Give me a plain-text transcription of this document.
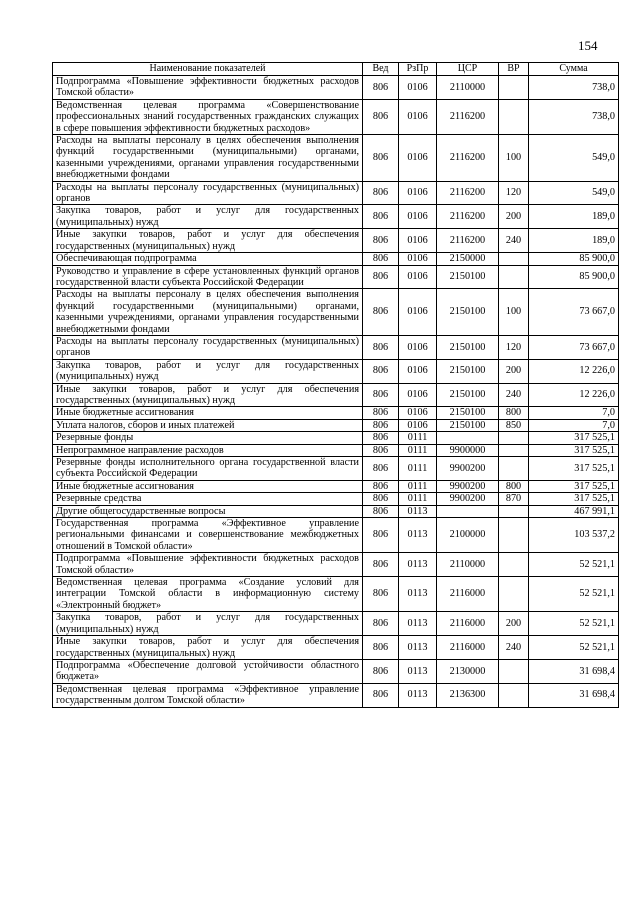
154
Наименование показателей	Вед	РзПр	ЦСР	ВР	Сумма
Подпрограмма «Повышение эффективности бюджетных расходов Томской области»	806	0106	2110000		738,0
Ведомственная целевая программа «Совершенствование профессиональных знаний государственных гражданских служащих в сфере повышения эффективности бюджетных расходов»	806	0106	2116200		738,0
Расходы на выплаты персоналу в целях обеспечения выполнения функций государственными (муниципальными) органами, казенными учреждениями, органами управления государственными внебюджетными фондами	806	0106	2116200	100	549,0
Расходы на выплаты персоналу государственных (муниципальных) органов	806	0106	2116200	120	549,0
Закупка товаров, работ и услуг для государственных (муниципальных) нужд	806	0106	2116200	200	189,0
Иные закупки товаров, работ и услуг для обеспечения государственных (муниципальных) нужд	806	0106	2116200	240	189,0
Обеспечивающая подпрограмма	806	0106	2150000		85 900,0
Руководство и управление в сфере установленных функций органов государственной власти субъекта Российской Федерации	806	0106	2150100		85 900,0
Расходы на выплаты персоналу в целях обеспечения выполнения функций государственными (муниципальными) органами, казенными учреждениями, органами управления государственными внебюджетными фондами	806	0106	2150100	100	73 667,0
Расходы на выплаты персоналу государственных (муниципальных) органов	806	0106	2150100	120	73 667,0
Закупка товаров, работ и услуг для государственных (муниципальных) нужд	806	0106	2150100	200	12 226,0
Иные закупки товаров, работ и услуг для обеспечения государственных (муниципальных) нужд	806	0106	2150100	240	12 226,0
Иные бюджетные ассигнования	806	0106	2150100	800	7,0
Уплата налогов, сборов и иных платежей	806	0106	2150100	850	7,0
Резервные фонды	806	0111			317 525,1
Непрограммное направление расходов	806	0111	9900000		317 525,1
Резервные фонды исполнительного органа государственной власти субъекта Российской Федерации	806	0111	9900200		317 525,1
Иные бюджетные ассигнования	806	0111	9900200	800	317 525,1
Резервные средства	806	0111	9900200	870	317 525,1
Другие общегосударственные вопросы	806	0113			467 991,1
Государственная программа «Эффективное управление региональными финансами и совершенствование межбюджетных отношений в Томской области»	806	0113	2100000		103 537,2
Подпрограмма «Повышение эффективности бюджетных расходов Томской области»	806	0113	2110000		52 521,1
Ведомственная целевая программа «Создание условий для интеграции Томской области в информационную систему «Электронный бюджет»	806	0113	2116000		52 521,1
Закупка товаров, работ и услуг для государственных (муниципальных) нужд	806	0113	2116000	200	52 521,1
Иные закупки товаров, работ и услуг для обеспечения государственных (муниципальных) нужд	806	0113	2116000	240	52 521,1
Подпрограмма «Обеспечение долговой устойчивости областного бюджета»	806	0113	2130000		31 698,4
Ведомственная целевая программа «Эффективное управление государственным долгом Томской области»	806	0113	2136300		31 698,4
